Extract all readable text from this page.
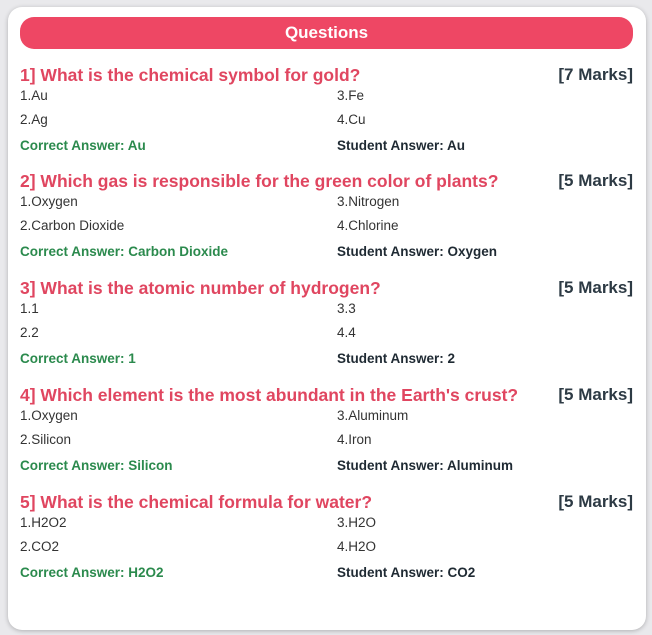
Questions
1] What is the chemical symbol for gold?	[7 Marks]
1.Au
2.Ag
3.Fe
4.Cu
Correct Answer: Au	Student Answer: Au
2] Which gas is responsible for the green color of plants?	[5 Marks]
1.Oxygen
2.Carbon Dioxide
3.Nitrogen
4.Chlorine
Correct Answer: Carbon Dioxide	Student Answer: Oxygen
3] What is the atomic number of hydrogen?	[5 Marks]
1.1
2.2
3.3
4.4
Correct Answer: 1	Student Answer: 2
4] Which element is the most abundant in the Earth's crust? [5 Marks]
1.Oxygen
2.Silicon
3.Aluminum
4.Iron
Correct Answer: Silicon	Student Answer: Aluminum
5] What is the chemical formula for water?	[5 Marks]
1.H2O2
2.CO2
3.H2O
4.H2O
Correct Answer: H2O2	Student Answer: CO2
